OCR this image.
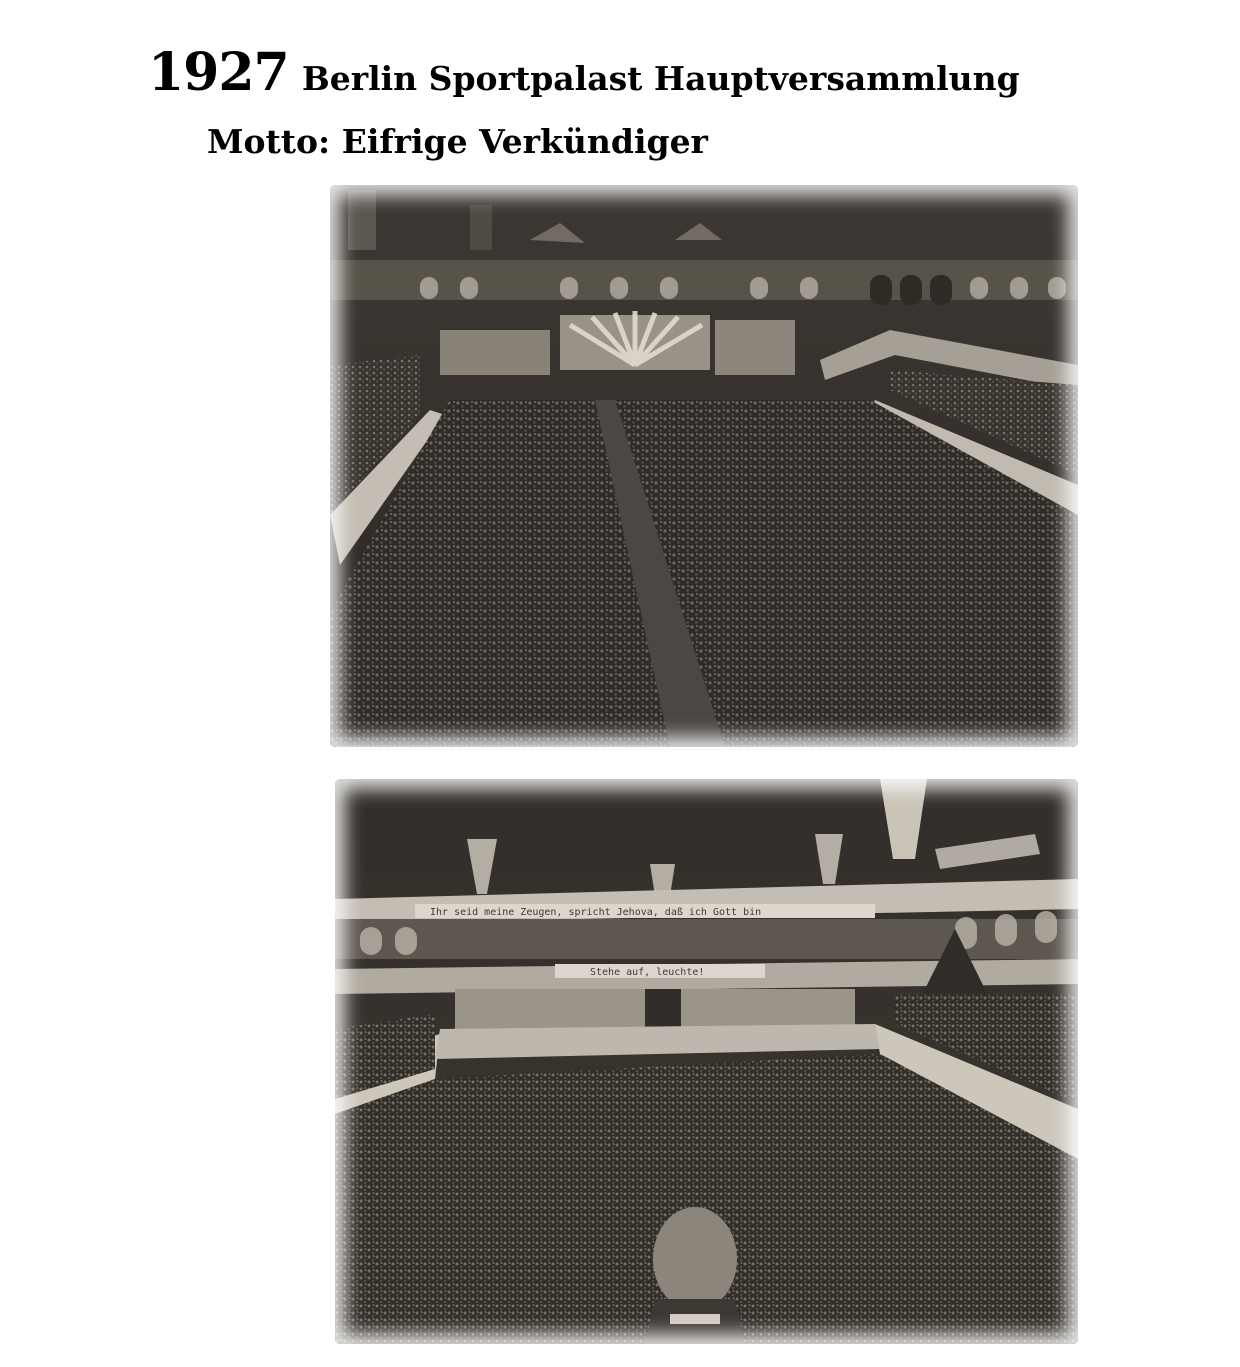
1927 Berlin Sportpalast Hauptversammlung
Motto: Eifrige Verkündiger
Ihr seid meine Zeugen, spricht Jehova, daß ich Gott bin
Stehe auf, leuchte!
